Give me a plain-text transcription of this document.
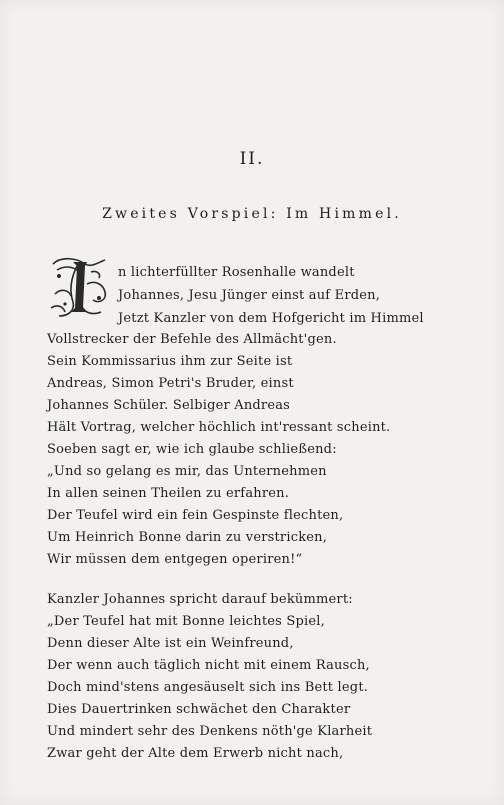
II.
Zweites Vorspiel: Im Himmel.
n lichterfüllter Rosenhalle wandelt
Johannes, Jesu Jünger einst auf Erden,
Jetzt Kanzler von dem Hofgericht im Himmel
Vollstrecker der Befehle des Allmächt'gen.
Sein Kommissarius ihm zur Seite ist
Andreas, Simon Petri's Bruder, einst
Johannes Schüler. Selbiger Andreas
Hält Vortrag, welcher höchlich int'ressant scheint.
Soeben sagt er, wie ich glaube schließend:
„Und so gelang es mir, das Unternehmen
In allen seinen Theilen zu erfahren.
Der Teufel wird ein fein Gespinste flechten,
Um Heinrich Bonne darin zu verstricken,
Wir müssen dem entgegen operiren!“
Kanzler Johannes spricht darauf bekümmert:
„Der Teufel hat mit Bonne leichtes Spiel,
Denn dieser Alte ist ein Weinfreund,
Der wenn auch täglich nicht mit einem Rausch,
Doch mind'stens angesäuselt sich ins Bett legt.
Dies Dauertrinken schwächet den Charakter
Und mindert sehr des Denkens nöth'ge Klarheit
Zwar geht der Alte dem Erwerb nicht nach,
